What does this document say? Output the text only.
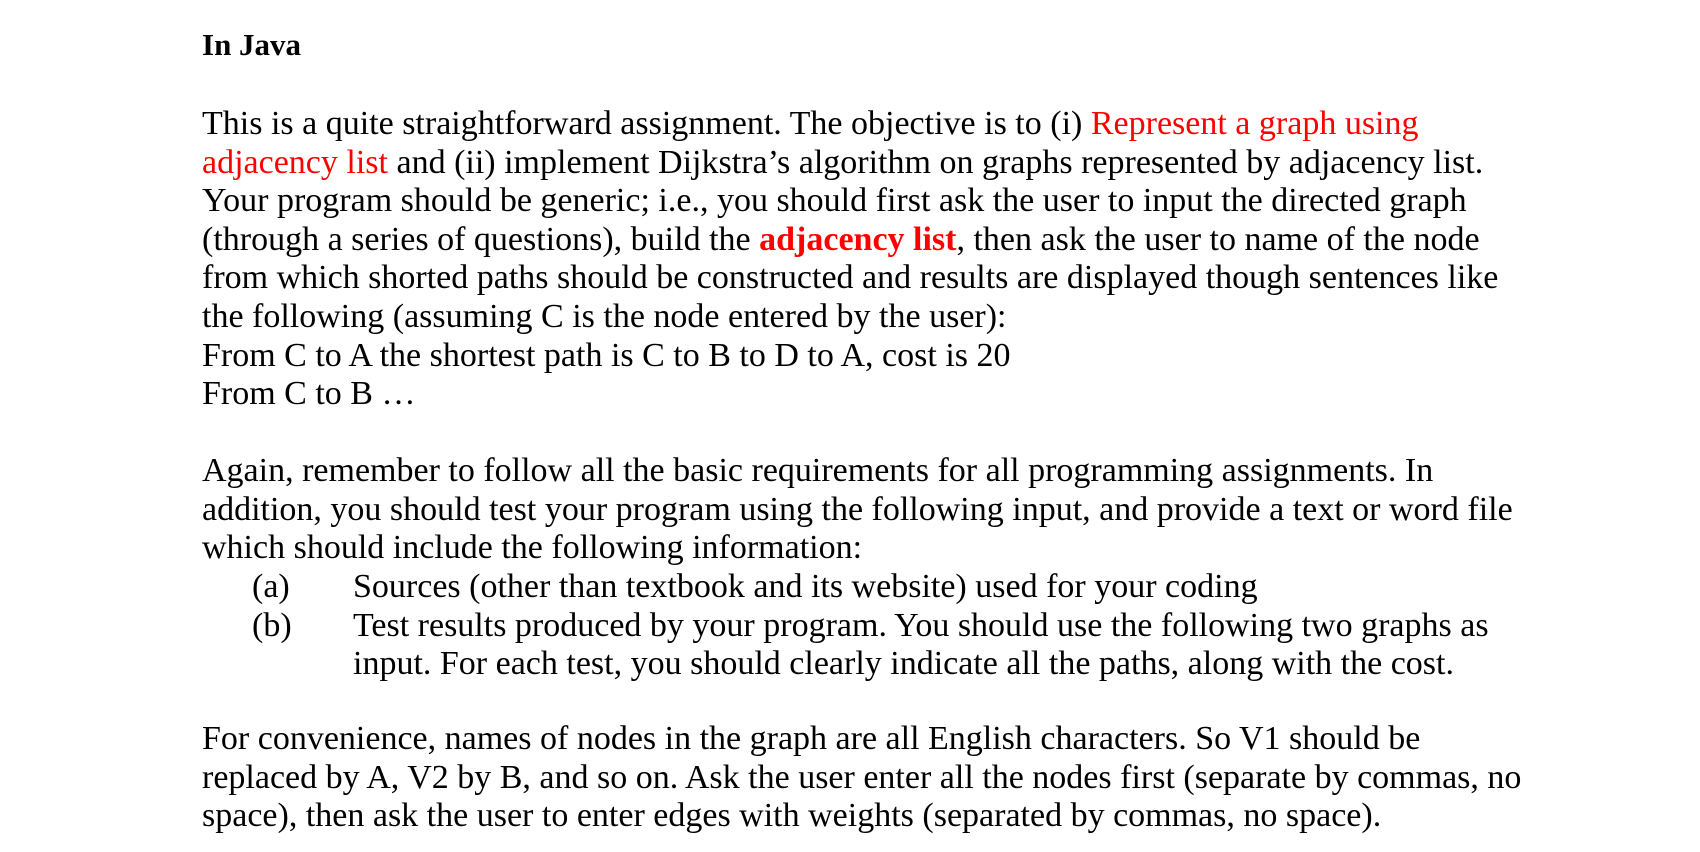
In Java
This is a quite straightforward assignment. The objective is to (i) Represent a graph using
adjacency list and (ii) implement Dijkstra’s algorithm on graphs represented by adjacency list.
Your program should be generic; i.e., you should first ask the user to input the directed graph
(through a series of questions), build the adjacency list, then ask the user to name of the node
from which shorted paths should be constructed and results are displayed though sentences like
the following (assuming C is the node entered by the user):
From C to A the shortest path is C to B to D to A, cost is 20
From C to B …
Again, remember to follow all the basic requirements for all programming assignments. In
addition, you should test your program using the following input, and provide a text or word file
which should include the following information:
(a) Sources (other than textbook and its website) used for your coding
(b) Test results produced by your program. You should use the following two graphs as
input. For each test, you should clearly indicate all the paths, along with the cost.
For convenience, names of nodes in the graph are all English characters. So V1 should be
replaced by A, V2 by B, and so on. Ask the user enter all the nodes first (separate by commas, no
space), then ask the user to enter edges with weights (separated by commas, no space).
